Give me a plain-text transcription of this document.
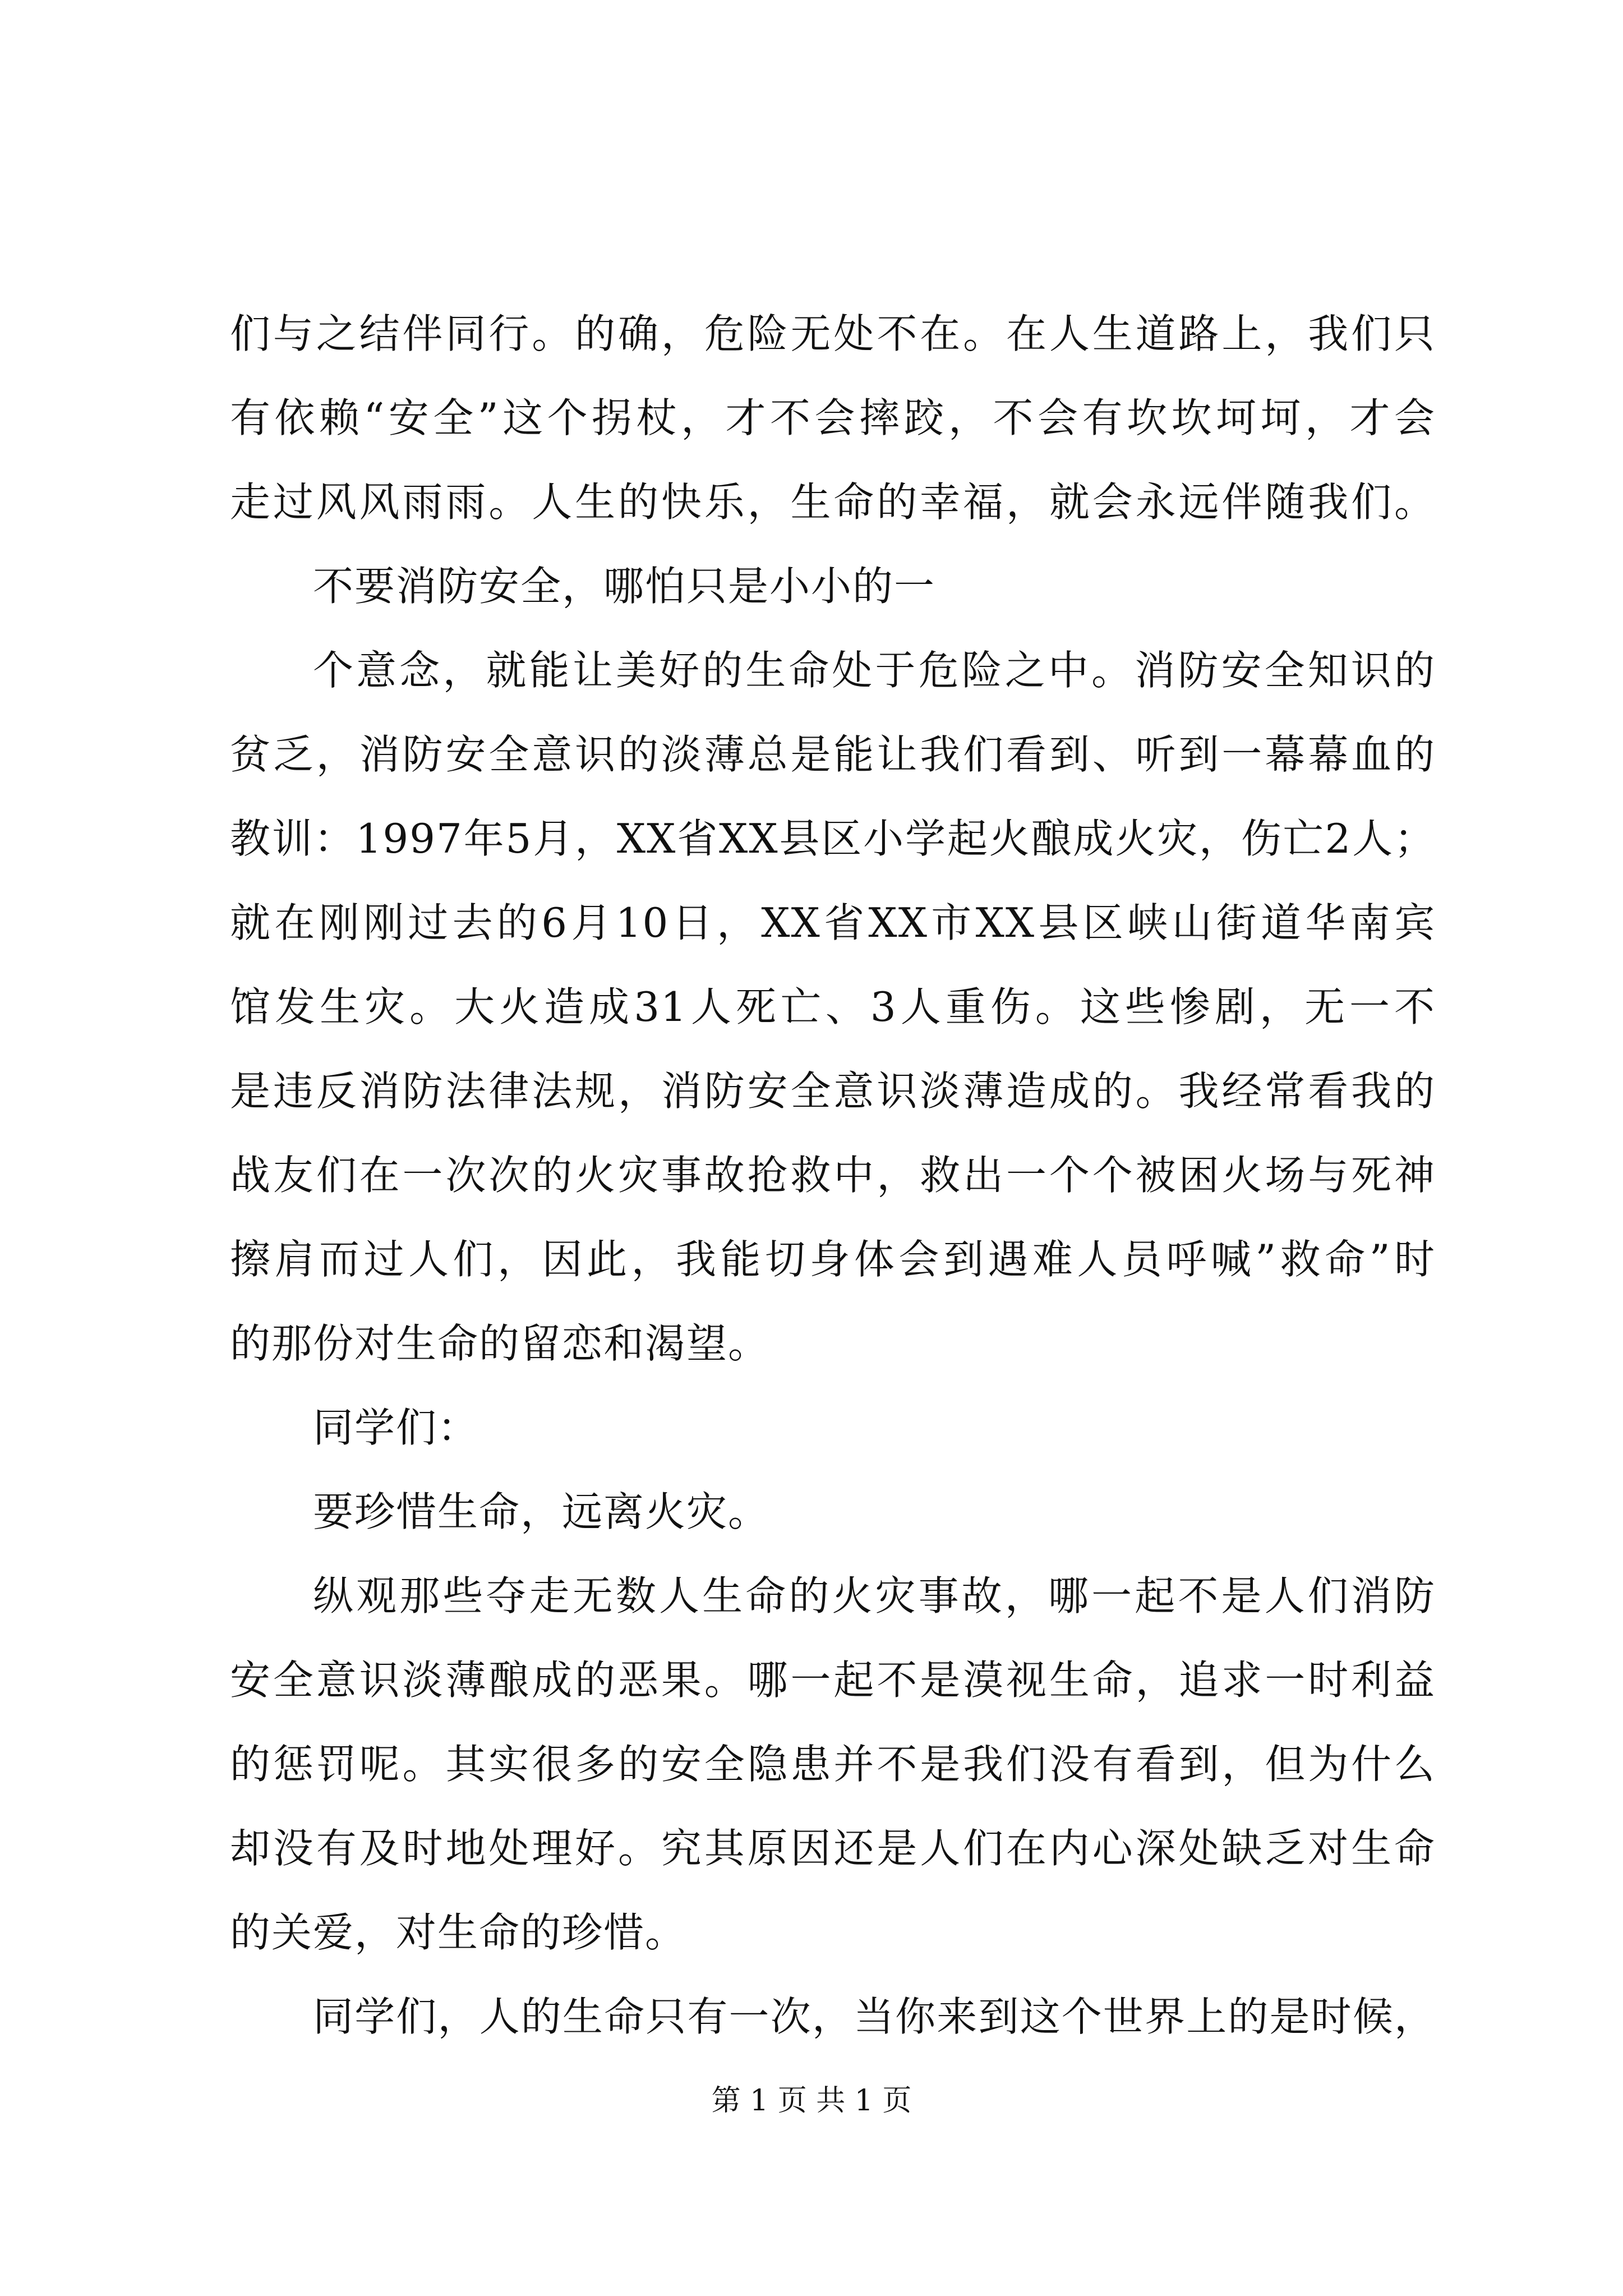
们与之结伴同行。的确，危险无处不在。在人生道路上，我们只
有依赖“安全”这个拐杖，才不会摔跤，不会有坎坎坷坷，才会
走过风风雨雨。人生的快乐，生命的幸福，就会永远伴随我们。
不要消防安全，哪怕只是小小的一
个意念，就能让美好的生命处于危险之中。消防安全知识的
贫乏，消防安全意识的淡薄总是能让我们看到、听到一幕幕血的
教训：1997年5月，XX省XX县区小学起火酿成火灾，伤亡2人；
就在刚刚过去的6月10日，XX省XX市XX县区峡山街道华南宾
馆发生灾。大火造成31人死亡、3人重伤。这些惨剧，无一不
是违反消防法律法规，消防安全意识淡薄造成的。我经常看我的
战友们在一次次的火灾事故抢救中，救出一个个被困火场与死神
擦肩而过人们，因此，我能切身体会到遇难人员呼喊”救命”时
的那份对生命的留恋和渴望。
同学们：
要珍惜生命，远离火灾。
纵观那些夺走无数人生命的火灾事故，哪一起不是人们消防
安全意识淡薄酿成的恶果。哪一起不是漠视生命，追求一时利益
的惩罚呢。其实很多的安全隐患并不是我们没有看到，但为什么
却没有及时地处理好。究其原因还是人们在内心深处缺乏对生命
的关爱，对生命的珍惜。
同学们，人的生命只有一次，当你来到这个世界上的是时候，
第 1 页 共 1 页
